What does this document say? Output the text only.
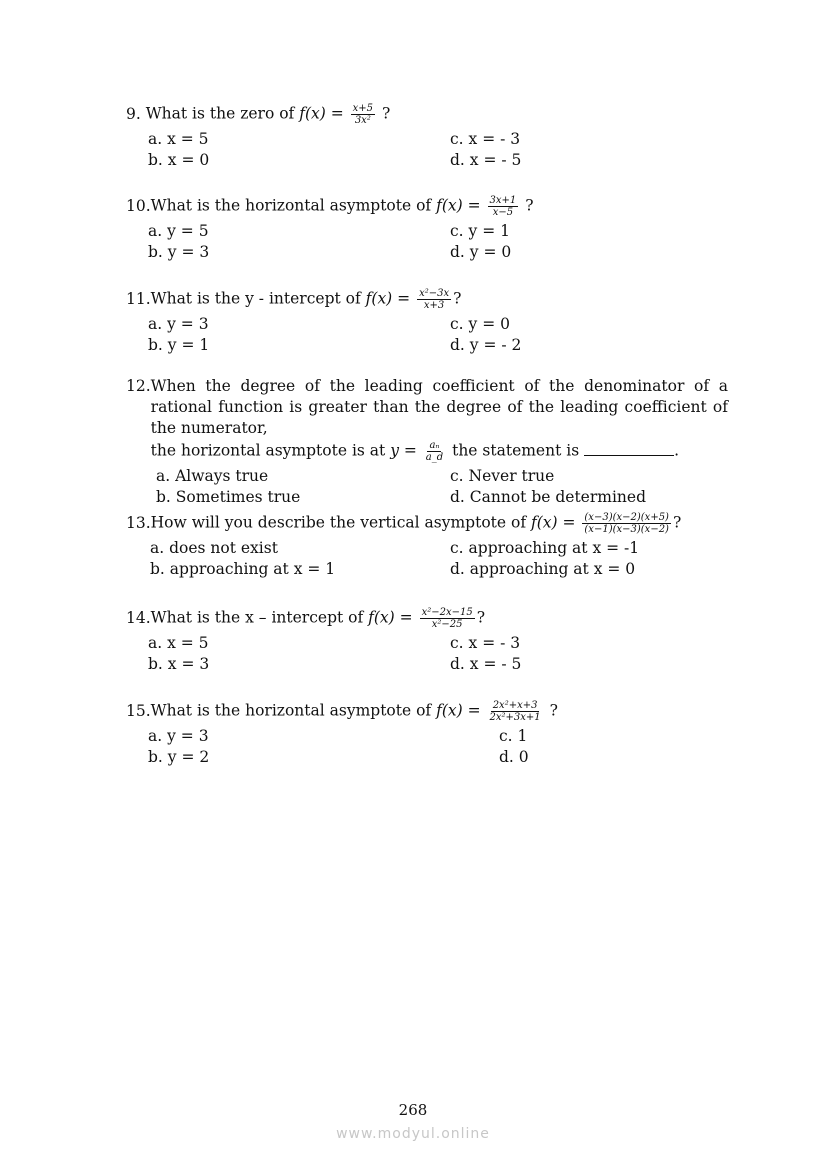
9.
What is the zero of $f(x) = \frac{x+5}{\text{3x²}}$ ?
a. x = 5
b. x = 0
c. x = - 3
d. x = - 5
10. What is the horizontal asymptote of $f(x) = \frac{3x+1}{x-5}$ ?
a. y = 5
b. y = 3
c. y = 1
d. y = 0
11. What is the y - intercept of $f(x) = \frac{\text{x²−3x}}{x+3}$ ?
a. y = 3
b. y = 1
c. y = 0
d. y = - 2
12. When the degree of the leading coefficient of the denominator of a rational function is greater than the degree of the leading coefficient of the numerator,
the horizontal asymptote is at $y = \frac{\text{aₙ}}{a\_d}$ the statement is	.
a. Always true
b. Sometimes true
c. Never true
d. Cannot be determined
13. How will you describe the vertical asymptote of $f(x) = \frac{(x-3)(x-2)(x+5)}{(x-1)(x-3)(x-2)}$ ?
a. does not exist
b. approaching at x = 1
c. approaching at x = -1
d. approaching at x = 0
14. What is the x – intercept of $f(x) = \frac{\text{x²−2x−15}}{\text{x²−25}}$ ?
a. x = 5
b. x = 3
c. x = - 3
d. x = - 5
15. What is the horizontal asymptote of $f(x) = \frac{\text{2x²+x+3}}{\text{2x²+3x+1}}$ ?
a. y = 3
b. y = 2
c. 1
d. 0
268
www.modyul.online
